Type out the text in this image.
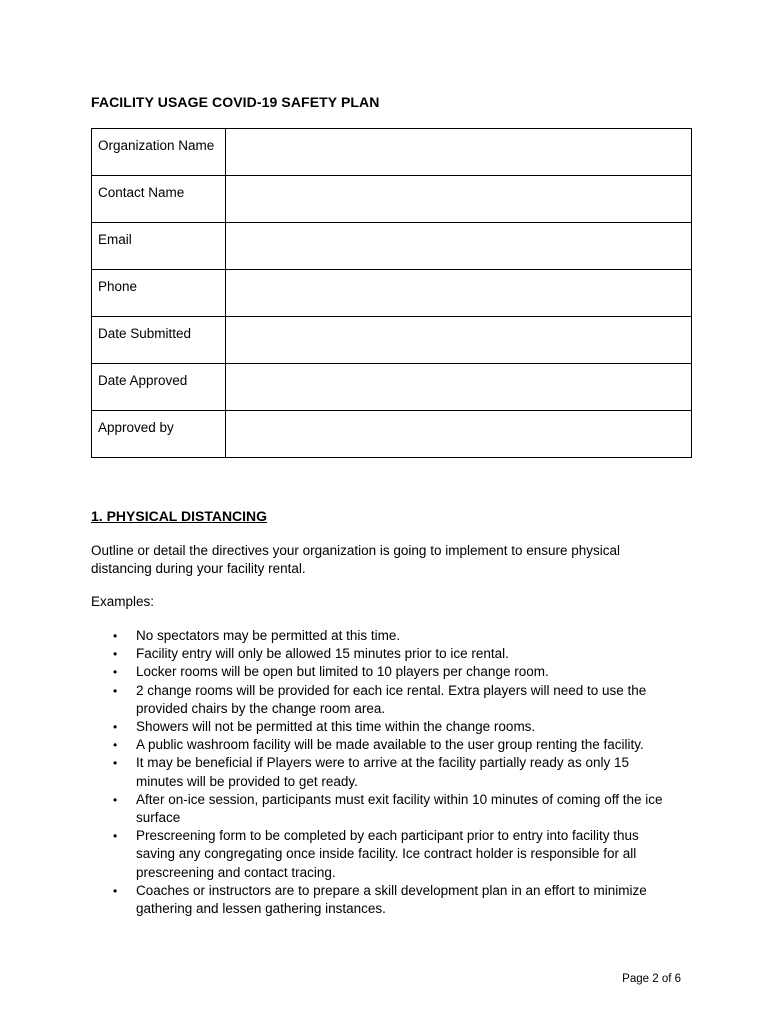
FACILITY USAGE COVID-19 SAFETY PLAN
Organization Name	
Contact Name	
Email	
Phone	
Date Submitted	
Date Approved	
Approved by	
1. PHYSICAL DISTANCING
Outline or detail the directives your organization is going to implement to ensure physical distancing during your facility rental.
Examples:
• No spectators may be permitted at this time.
• Facility entry will only be allowed 15 minutes prior to ice rental.
• Locker rooms will be open but limited to 10 players per change room.
• 2 change rooms will be provided for each ice rental. Extra players will need to use the provided chairs by the change room area.
• Showers will not be permitted at this time within the change rooms.
• A public washroom facility will be made available to the user group renting the facility.
• It may be beneficial if Players were to arrive at the facility partially ready as only 15 minutes will be provided to get ready.
• After on-ice session, participants must exit facility within 10 minutes of coming off the ice surface
• Prescreening form to be completed by each participant prior to entry into facility thus saving any congregating once inside facility. Ice contract holder is responsible for all prescreening and contact tracing.
• Coaches or instructors are to prepare a skill development plan in an effort to minimize gathering and lessen gathering instances.
Page 2 of 6
